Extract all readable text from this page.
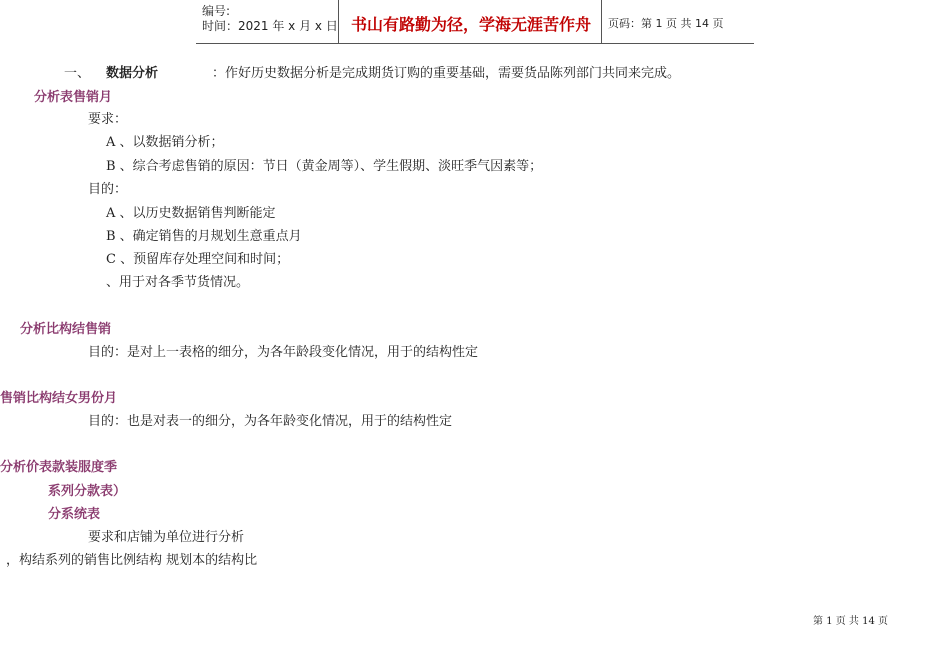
编号:
时间：2021 年 x 月 x 日 书山有路勤为径，学海无涯苦作舟 页码：第 1 页 共 14 页
一、 数据分析	：作好历史数据分析是完成期货订购的重要基础，需要货品陈列部门共同来完成。
分析表售销月
要求：
A 、以数据销分析；
B 、综合考虑售销的原因：节日（黄金周等）、学生假期、淡旺季气因素等；
目的：
A 、以历史数据销售判断能定
B 、确定销售的月规划生意重点月
C 、预留库存处理空间和时间；
、用于对各季节货情况。
分析比构结售销
目的：是对上一表格的细分，为各年龄段变化情况，用于的结构性定
售销比构结女男份月
目的：也是对表一的细分，为各年龄变化情况，用于的结构性定
分析价表款装服度季
系列分款表）
分系统表
要求和店铺为单位进行分析
，构结系列的销售比例结构 规划本的结构比
第 1 页 共 14 页
